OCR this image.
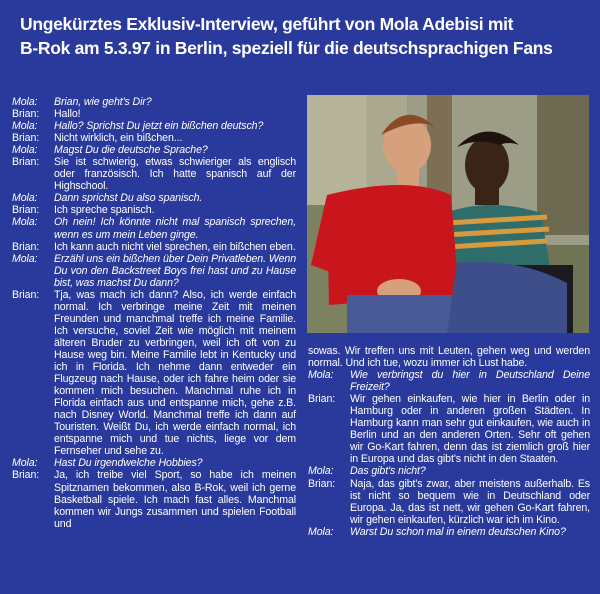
Ungekürztes Exklusiv-Interview, geführt von Mola Adebisi mit
B-Rok am 5.3.97 in Berlin, speziell für die deutschsprachigen Fans
Mola:	Brian, wie geht's Dir?
Brian:	Hallo!
Mola:	Hallo? Sprichst Du jetzt ein bißchen deutsch?
Brian:	Nicht wirklich, ein bißchen...
Mola:	Magst Du die deutsche Sprache?
Brian:	Sie ist schwierig, etwas schwieriger als englisch oder französisch. Ich hatte spanisch auf der Highschool.
Mola:	Dann sprichst Du also spanisch.
Brian:	Ich spreche spanisch.
Mola:	Oh nein! Ich könnte nicht mal spanisch sprechen, wenn es um mein Leben ginge.
Brian:	Ich kann auch nicht viel sprechen, ein bißchen eben.
Mola:	Erzähl uns ein bißchen über Dein Privatleben. Wenn Du von den Backstreet Boys frei hast und zu Hause bist, was machst Du dann?
Brian:	Tja, was mach ich dann? Also, ich werde einfach normal. Ich verbringe meine Zeit mit meinen Freunden und manchmal treffe ich meine Familie. Ich versuche, soviel Zeit wie möglich mit meinem älteren Bruder zu verbringen, weil ich oft von zu Hause weg bin. Meine Familie lebt in Kentucky und ich in Florida. Ich nehme dann entweder ein Flugzeug nach Hause, oder ich fahre heim oder sie kommen mich besuchen. Manchmal ruhe ich in Florida einfach aus und entspanne mich, gehe z.B. nach Disney World. Manchmal treffe ich dann auf Touristen. Weißt Du, ich werde einfach normal, ich entspanne mich und tue nichts, liege vor dem Fernseher und sehe zu.
Mola:	Hast Du irgendwelche Hobbies?
Brian:	Ja, ich treibe viel Sport, so habe ich meinen Spitznamen bekommen, also B-Rok, weil ich gerne Basketball spiele. Ich mach fast alles. Manchmal kommen wir Jungs zusammen und spielen Football und
sowas. Wir treffen uns mit Leuten, gehen weg und werden normal. Und ich tue, wozu immer ich Lust habe.
Mola:	Wie verbringst du hier in Deutschland Deine Freizeit?
Brian:	Wir gehen einkaufen, wie hier in Berlin oder in Hamburg oder in anderen großen Städten. In Hamburg kann man sehr gut einkaufen, wie auch in Berlin und an den anderen Orten. Sehr oft gehen wir Go-Kart fahren, denn das ist ziemlich groß hier in Europa und das gibt's nicht in den Staaten.
Mola:	Das gibt's nicht?
Brian:	Naja, das gibt's zwar, aber meistens außerhalb. Es ist nicht so bequem wie in Deutschland oder Europa. Ja, das ist nett, wir gehen Go-Kart fahren, wir gehen einkaufen, kürzlich war ich im Kino.
Mola:	Warst Du schon mal in einem deutschen Kino?
